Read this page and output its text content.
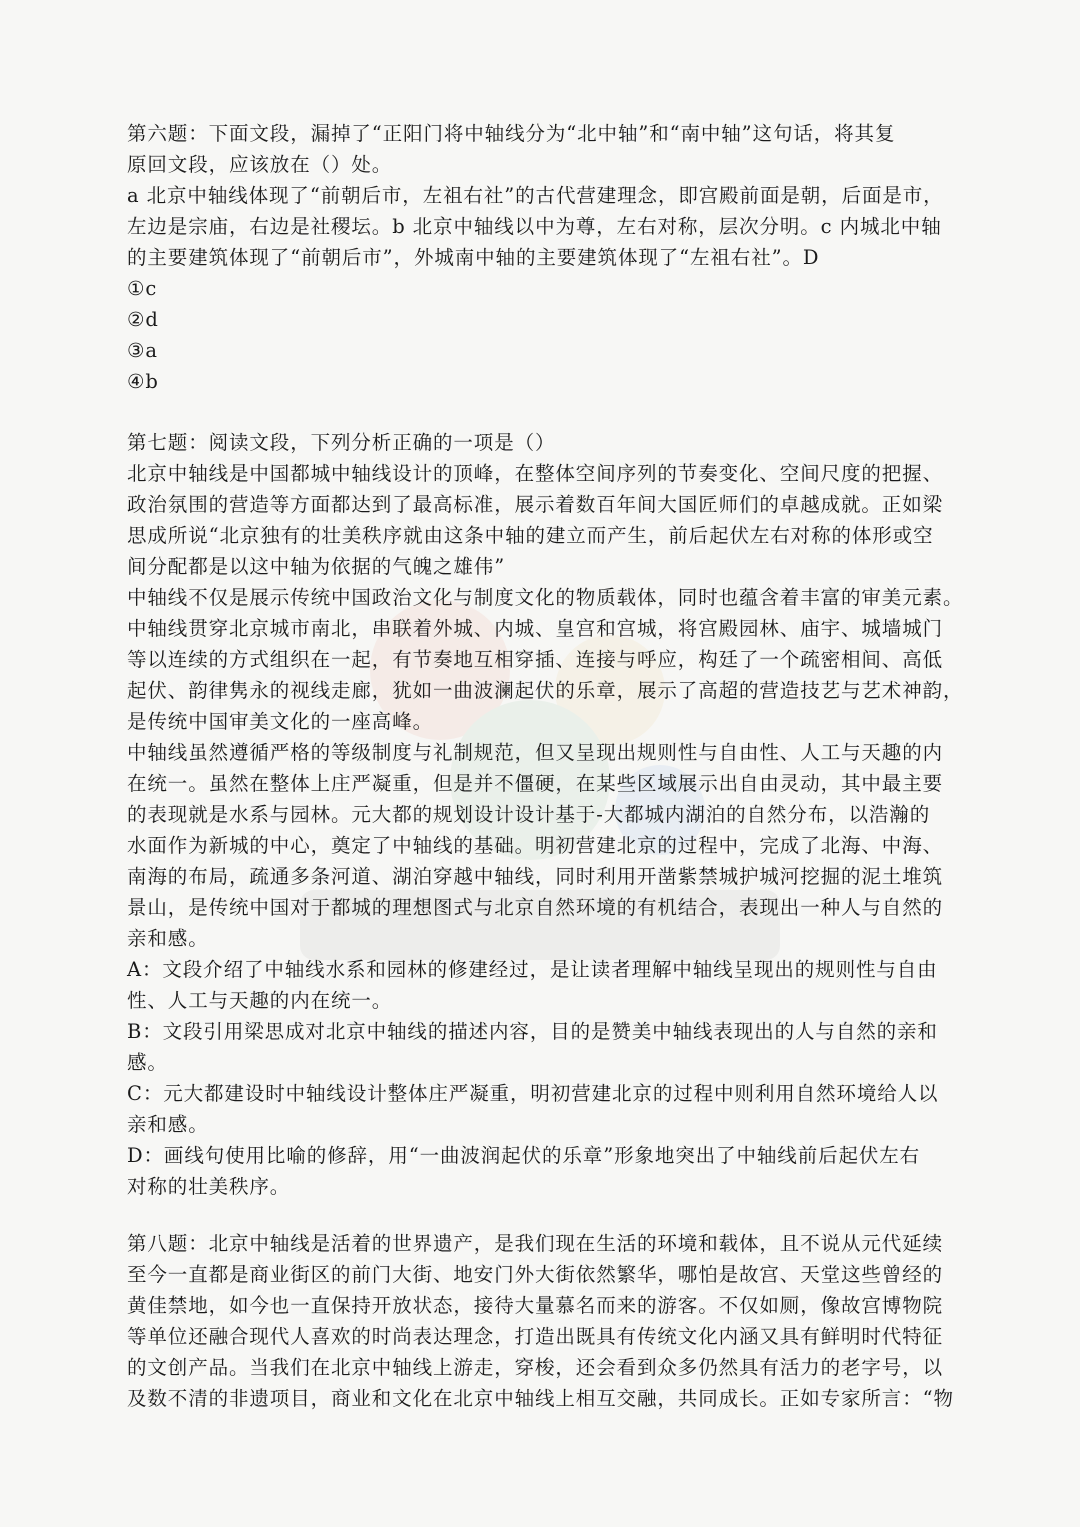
第六题：下面文段，漏掉了“正阳门将中轴线分为“北中轴”和“南中轴”这句话，将其复
原回文段，应该放在（）处。
a 北京中轴线体现了“前朝后市，左祖右社”的古代营建理念，即宫殿前面是朝，后面是市，
左边是宗庙，右边是社稷坛。b 北京中轴线以中为尊，左右对称，层次分明。c 内城北中轴
的主要建筑体现了“前朝后市”，外城南中轴的主要建筑体现了“左祖右社”。D
①c
②d
③a
④b
第七题：阅读文段，下列分析正确的一项是（）
北京中轴线是中国都城中轴线设计的顶峰，在整体空间序列的节奏变化、空间尺度的把握、
政治氛围的营造等方面都达到了最高标准，展示着数百年间大国匠师们的卓越成就。正如梁
思成所说“北京独有的壮美秩序就由这条中轴的建立而产生，前后起伏左右对称的体形或空
间分配都是以这中轴为依据的气魄之雄伟”
中轴线不仅是展示传统中国政治文化与制度文化的物质载体，同时也蕴含着丰富的审美元素。
中轴线贯穿北京城市南北，串联着外城、内城、皇宫和宫城，将宫殿园林、庙宇、城墙城门
等以连续的方式组织在一起，有节奏地互相穿插、连接与呼应，构廷了一个疏密相间、高低
起伏、韵律隽永的视线走廊，犹如一曲波澜起伏的乐章，展示了高超的营造技艺与艺术神韵，
是传统中国审美文化的一座高峰。
中轴线虽然遵循严格的等级制度与礼制规范，但又呈现出规则性与自由性、人工与天趣的内
在统一。虽然在整体上庄严凝重，但是并不僵硬，在某些区域展示出自由灵动，其中最主要
的表现就是水系与园林。元大都的规划设计设计基于-大都城内湖泊的自然分布，以浩瀚的
水面作为新城的中心，奠定了中轴线的基础。明初营建北京的过程中，完成了北海、中海、
南海的布局，疏通多条河道、湖泊穿越中轴线，同时利用开凿紫禁城护城河挖掘的泥土堆筑
景山，是传统中国对于都城的理想图式与北京自然环境的有机结合，表现出一种人与自然的
亲和感。
A：文段介绍了中轴线水系和园林的修建经过，是让读者理解中轴线呈现出的规则性与自由
性、人工与天趣的内在统一。
B：文段引用梁思成对北京中轴线的描述内容，目的是赞美中轴线表现出的人与自然的亲和
感。
C：元大都建设时中轴线设计整体庄严凝重，明初营建北京的过程中则利用自然环境给人以
亲和感。
D：画线句使用比喻的修辞，用“一曲波润起伏的乐章”形象地突出了中轴线前后起伏左右
对称的壮美秩序。
第八题：北京中轴线是活着的世界遗产，是我们现在生活的环境和载体，且不说从元代延续
至今一直都是商业街区的前门大街、地安门外大街依然繁华，哪怕是故宫、天堂这些曾经的
黄佳禁地，如今也一直保持开放状态，接待大量慕名而来的游客。不仅如厕，像故宫博物院
等单位还融合现代人喜欢的时尚表达理念，打造出既具有传统文化内涵又具有鲜明时代特征
的文创产品。当我们在北京中轴线上游走，穿梭，还会看到众多仍然具有活力的老字号，以
及数不清的非遗项目，商业和文化在北京中轴线上相互交融，共同成长。正如专家所言：“物
